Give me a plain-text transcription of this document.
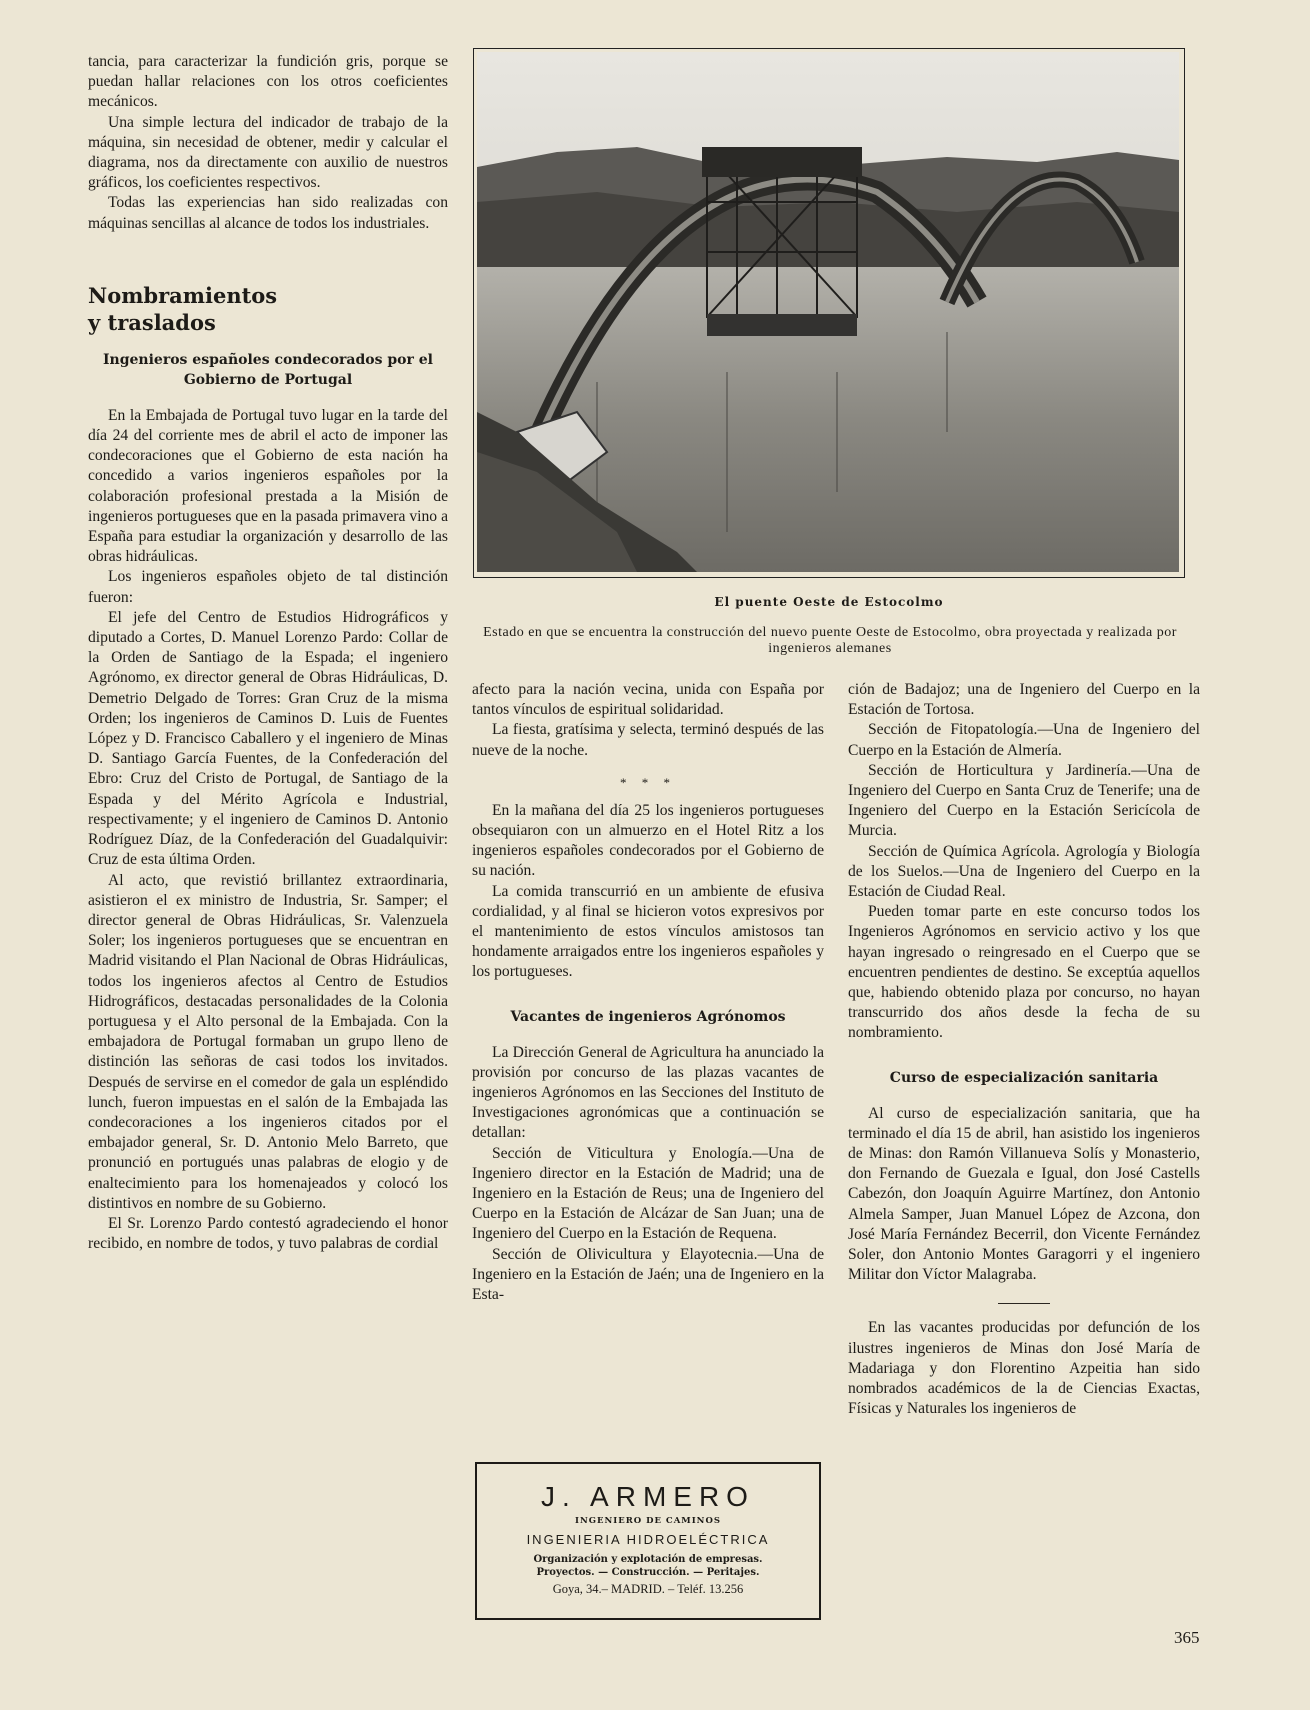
tancia, para caracterizar la fundición gris, porque se puedan hallar relaciones con los otros coeficientes mecánicos.

Una simple lectura del indicador de trabajo de la máquina, sin necesidad de obtener, medir y calcular el diagrama, nos da directamente con auxilio de nuestros gráficos, los coeficientes respectivos.

Todas las experiencias han sido realizadas con máquinas sencillas al alcance de todos los industriales.

Nombramientos
y traslados
Ingenieros españoles condecorados por el Gobierno de Portugal

En la Embajada de Portugal tuvo lugar en la tarde del día 24 del corriente mes de abril el acto de imponer las condecoraciones que el Gobierno de esta nación ha concedido a varios ingenieros españoles por la colaboración profesional prestada a la Misión de ingenieros portugueses que en la pasada primavera vino a España para estudiar la organización y desarrollo de las obras hidráulicas.

Los ingenieros españoles objeto de tal distinción fueron:

El jefe del Centro de Estudios Hidrográficos y diputado a Cortes, D. Manuel Lorenzo Pardo: Collar de la Orden de Santiago de la Espada; el ingeniero Agrónomo, ex director general de Obras Hidráulicas, D. Demetrio Delgado de Torres: Gran Cruz de la misma Orden; los ingenieros de Caminos D. Luis de Fuentes López y D. Francisco Caballero y el ingeniero de Minas D. Santiago García Fuentes, de la Confederación del Ebro: Cruz del Cristo de Portugal, de Santiago de la Espada y del Mérito Agrícola e Industrial, respectivamente; y el ingeniero de Caminos D. Antonio Rodríguez Díaz, de la Confederación del Guadalquivir: Cruz de esta última Orden.

Al acto, que revistió brillantez extraordinaria, asistieron el ex ministro de Industria, Sr. Samper; el director general de Obras Hidráulicas, Sr. Valenzuela Soler; los ingenieros portugueses que se encuentran en Madrid visitando el Plan Nacional de Obras Hidráulicas, todos los ingenieros afectos al Centro de Estudios Hidrográficos, destacadas personalidades de la Colonia portuguesa y el Alto personal de la Embajada. Con la embajadora de Portugal formaban un grupo lleno de distinción las señoras de casi todos los invitados. Después de servirse en el comedor de gala un espléndido lunch, fueron impuestas en el salón de la Embajada las condecoraciones a los ingenieros citados por el embajador general, Sr. D. Antonio Melo Barreto, que pronunció en portugués unas palabras de elogio y de enaltecimiento para los homenajeados y colocó los distintivos en nombre de su Gobierno.

El Sr. Lorenzo Pardo contestó agradeciendo el honor recibido, en nombre de todos, y tuvo palabras de cordial

El puente Oeste de Estocolmo
Estado en que se encuentra la construcción del nuevo puente Oeste de Estocolmo, obra proyectada y realizada por ingenieros alemanes

afecto para la nación vecina, unida con España por tantos vínculos de espiritual solidaridad.

La fiesta, gratísima y selecta, terminó después de las nueve de la noche.

* * *

En la mañana del día 25 los ingenieros portugueses obsequiaron con un almuerzo en el Hotel Ritz a los ingenieros españoles condecorados por el Gobierno de su nación.

La comida transcurrió en un ambiente de efusiva cordialidad, y al final se hicieron votos expresivos por el mantenimiento de estos vínculos amistosos tan hondamente arraigados entre los ingenieros españoles y los portugueses.

Vacantes de ingenieros Agrónomos

La Dirección General de Agricultura ha anunciado la provisión por concurso de las plazas vacantes de ingenieros Agrónomos en las Secciones del Instituto de Investigaciones agronómicas que a continuación se detallan:

Sección de Viticultura y Enología.—Una de Ingeniero director en la Estación de Madrid; una de Ingeniero en la Estación de Reus; una de Ingeniero del Cuerpo en la Estación de Alcázar de San Juan; una de Ingeniero del Cuerpo en la Estación de Requena.

Sección de Olivicultura y Elayotecnia.—Una de Ingeniero en la Estación de Jaén; una de Ingeniero en la Esta-

J. ARMERO
INGENIERO DE CAMINOS
INGENIERIA HIDROELÉCTRICA
Organización y explotación de empresas.
Proyectos. — Construcción. — Peritajes.
Goya, 34.– MADRID. – Teléf. 13.256

ción de Badajoz; una de Ingeniero del Cuerpo en la Estación de Tortosa.

Sección de Fitopatología.—Una de Ingeniero del Cuerpo en la Estación de Almería.

Sección de Horticultura y Jardinería.—Una de Ingeniero del Cuerpo en Santa Cruz de Tenerife; una de Ingeniero del Cuerpo en la Estación Sericícola de Murcia.

Sección de Química Agrícola. Agrología y Biología de los Suelos.—Una de Ingeniero del Cuerpo en la Estación de Ciudad Real.

Pueden tomar parte en este concurso todos los Ingenieros Agrónomos en servicio activo y los que hayan ingresado o reingresado en el Cuerpo que se encuentren pendientes de destino. Se exceptúa aquellos que, habiendo obtenido plaza por concurso, no hayan transcurrido dos años desde la fecha de su nombramiento.

Curso de especialización sanitaria

Al curso de especialización sanitaria, que ha terminado el día 15 de abril, han asistido los ingenieros de Minas: don Ramón Villanueva Solís y Monasterio, don Fernando de Guezala e Igual, don José Castells Cabezón, don Joaquín Aguirre Martínez, don Antonio Almela Samper, Juan Manuel López de Azcona, don José María Fernández Becerril, don Vicente Fernández Soler, don Antonio Montes Garagorri y el ingeniero Militar don Víctor Malagraba.

En las vacantes producidas por defunción de los ilustres ingenieros de Minas don José María de Madariaga y don Florentino Azpeitia han sido nombrados académicos de la de Ciencias Exactas, Físicas y Naturales los ingenieros de

365
